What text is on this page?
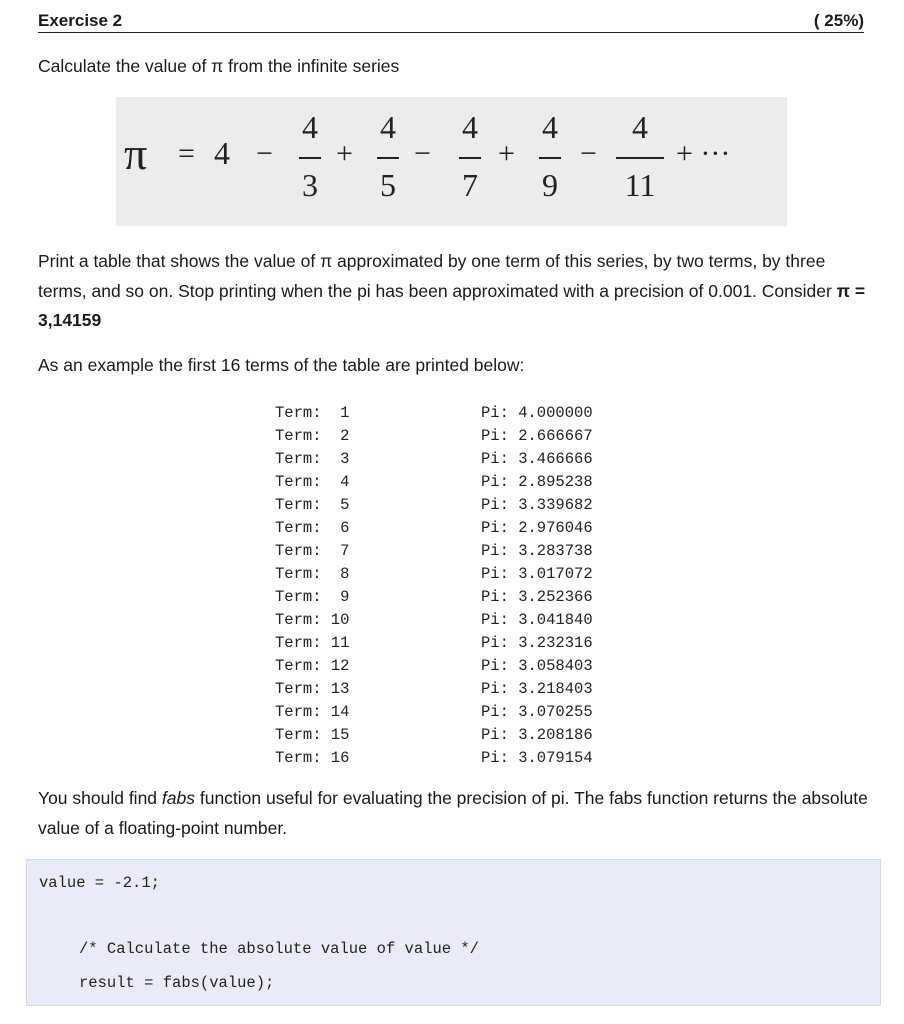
Exercise 2	( 25%)
Calculate the value of π from the infinite series
π = 4 −
4
3
+
4
5
−
4
7
+
4
9
−
4
11
+ ···
Print a table that shows the value of π approximated by one term of this series, by two terms, by three terms, and so on. Stop printing when the pi has been approximated with a precision of 0.001. Consider π = 3,14159
As an example the first 16 terms of the table are printed below:
Term:  1	Pi: 4.000000
Term:  2	Pi: 2.666667
Term:  3	Pi: 3.466666
Term:  4	Pi: 2.895238
Term:  5	Pi: 3.339682
Term:  6	Pi: 2.976046
Term:  7	Pi: 3.283738
Term:  8	Pi: 3.017072
Term:  9	Pi: 3.252366
Term: 10	Pi: 3.041840
Term: 11	Pi: 3.232316
Term: 12	Pi: 3.058403
Term: 13	Pi: 3.218403
Term: 14	Pi: 3.070255
Term: 15	Pi: 3.208186
Term: 16	Pi: 3.079154
You should find fabs function useful for evaluating the precision of pi. The fabs function returns the absolute value of a floating-point number.
value = -2.1;
/* Calculate the absolute value of value */
result = fabs(value);
